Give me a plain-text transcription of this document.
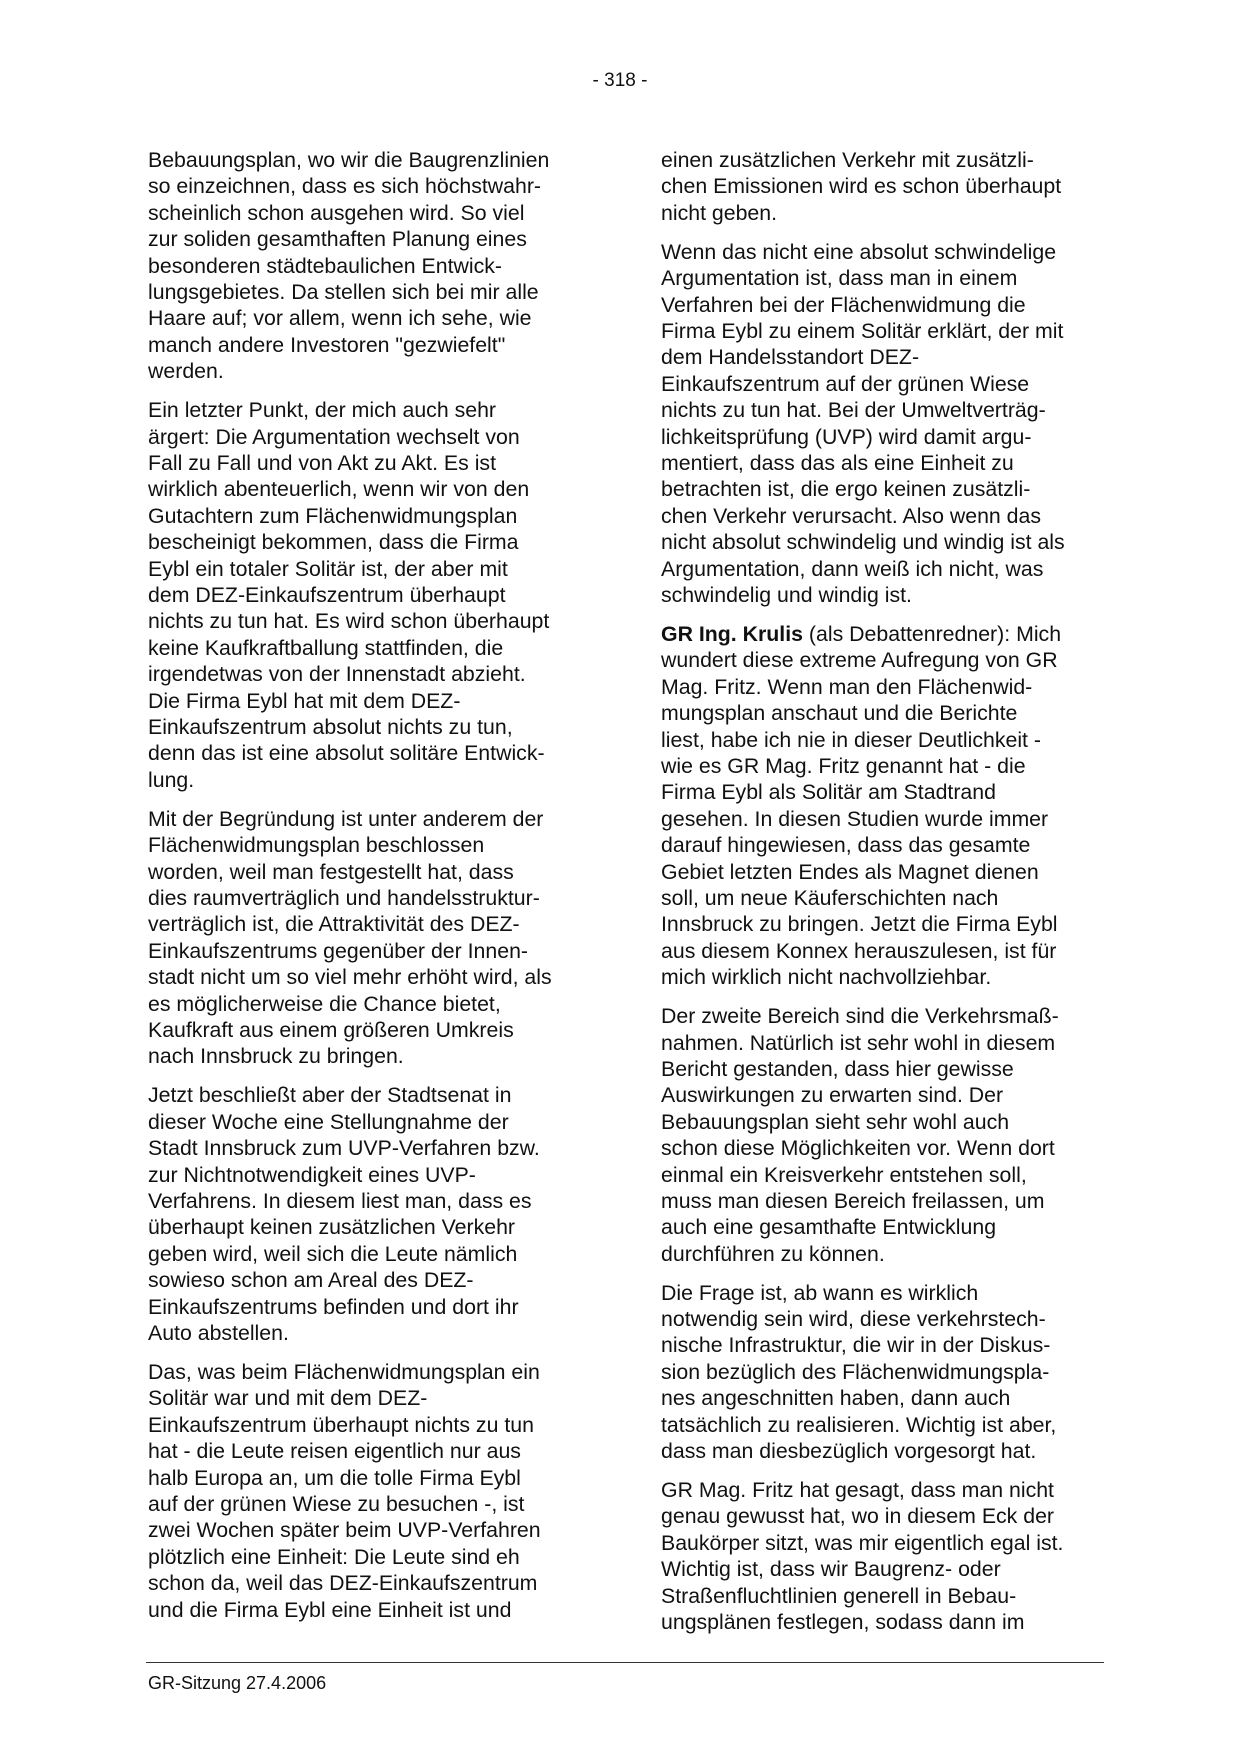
- 318 -

Bebauungsplan, wo wir die Baugrenzlinien
so einzeichnen, dass es sich höchstwahr-
scheinlich schon ausgehen wird. So viel
zur soliden gesamthaften Planung eines
besonderen städtebaulichen Entwick-
lungsgebietes. Da stellen sich bei mir alle
Haare auf; vor allem, wenn ich sehe, wie
manch andere Investoren "gezwiefelt"
werden.

Ein letzter Punkt, der mich auch sehr
ärgert: Die Argumentation wechselt von
Fall zu Fall und von Akt zu Akt. Es ist
wirklich abenteuerlich, wenn wir von den
Gutachtern zum Flächenwidmungsplan
bescheinigt bekommen, dass die Firma
Eybl ein totaler Solitär ist, der aber mit
dem DEZ-Einkaufszentrum überhaupt
nichts zu tun hat. Es wird schon überhaupt
keine Kaufkraftballung stattfinden, die
irgendetwas von der Innenstadt abzieht.
Die Firma Eybl hat mit dem DEZ-
Einkaufszentrum absolut nichts zu tun,
denn das ist eine absolut solitäre Entwick-
lung.

Mit der Begründung ist unter anderem der
Flächenwidmungsplan beschlossen
worden, weil man festgestellt hat, dass
dies raumverträglich und handelsstruktur-
verträglich ist, die Attraktivität des DEZ-
Einkaufszentrums gegenüber der Innen-
stadt nicht um so viel mehr erhöht wird, als
es möglicherweise die Chance bietet,
Kaufkraft aus einem größeren Umkreis
nach Innsbruck zu bringen.

Jetzt beschließt aber der Stadtsenat in
dieser Woche eine Stellungnahme der
Stadt Innsbruck zum UVP-Verfahren bzw.
zur Nichtnotwendigkeit eines UVP-
Verfahrens. In diesem liest man, dass es
überhaupt keinen zusätzlichen Verkehr
geben wird, weil sich die Leute nämlich
sowieso schon am Areal des DEZ-
Einkaufszentrums befinden und dort ihr
Auto abstellen.

Das, was beim Flächenwidmungsplan ein
Solitär war und mit dem DEZ-
Einkaufszentrum überhaupt nichts zu tun
hat - die Leute reisen eigentlich nur aus
halb Europa an, um die tolle Firma Eybl
auf der grünen Wiese zu besuchen -, ist
zwei Wochen später beim UVP-Verfahren
plötzlich eine Einheit: Die Leute sind eh
schon da, weil das DEZ-Einkaufszentrum
und die Firma Eybl eine Einheit ist und

einen zusätzlichen Verkehr mit zusätzli-
chen Emissionen wird es schon überhaupt
nicht geben.

Wenn das nicht eine absolut schwindelige
Argumentation ist, dass man in einem
Verfahren bei der Flächenwidmung die
Firma Eybl zu einem Solitär erklärt, der mit
dem Handelsstandort DEZ-
Einkaufszentrum auf der grünen Wiese
nichts zu tun hat. Bei der Umweltverträg-
lichkeitsprüfung (UVP) wird damit argu-
mentiert, dass das als eine Einheit zu
betrachten ist, die ergo keinen zusätzli-
chen Verkehr verursacht. Also wenn das
nicht absolut schwindelig und windig ist als
Argumentation, dann weiß ich nicht, was
schwindelig und windig ist.

GR Ing. Krulis (als Debattenredner): Mich
wundert diese extreme Aufregung von GR
Mag. Fritz. Wenn man den Flächenwid-
mungsplan anschaut und die Berichte
liest, habe ich nie in dieser Deutlichkeit -
wie es GR Mag. Fritz genannt hat - die
Firma Eybl als Solitär am Stadtrand
gesehen. In diesen Studien wurde immer
darauf hingewiesen, dass das gesamte
Gebiet letzten Endes als Magnet dienen
soll, um neue Käuferschichten nach
Innsbruck zu bringen. Jetzt die Firma Eybl
aus diesem Konnex herauszulesen, ist für
mich wirklich nicht nachvollziehbar.

Der zweite Bereich sind die Verkehrsmaß-
nahmen. Natürlich ist sehr wohl in diesem
Bericht gestanden, dass hier gewisse
Auswirkungen zu erwarten sind. Der
Bebauungsplan sieht sehr wohl auch
schon diese Möglichkeiten vor. Wenn dort
einmal ein Kreisverkehr entstehen soll,
muss man diesen Bereich freilassen, um
auch eine gesamthafte Entwicklung
durchführen zu können.

Die Frage ist, ab wann es wirklich
notwendig sein wird, diese verkehrstech-
nische Infrastruktur, die wir in der Diskus-
sion bezüglich des Flächenwidmungspla-
nes angeschnitten haben, dann auch
tatsächlich zu realisieren. Wichtig ist aber,
dass man diesbezüglich vorgesorgt hat.

GR Mag. Fritz hat gesagt, dass man nicht
genau gewusst hat, wo in diesem Eck der
Baukörper sitzt, was mir eigentlich egal ist.
Wichtig ist, dass wir Baugrenz- oder
Straßenfluchtlinien generell in Bebau-
ungsplänen festlegen, sodass dann im

GR-Sitzung 27.4.2006
